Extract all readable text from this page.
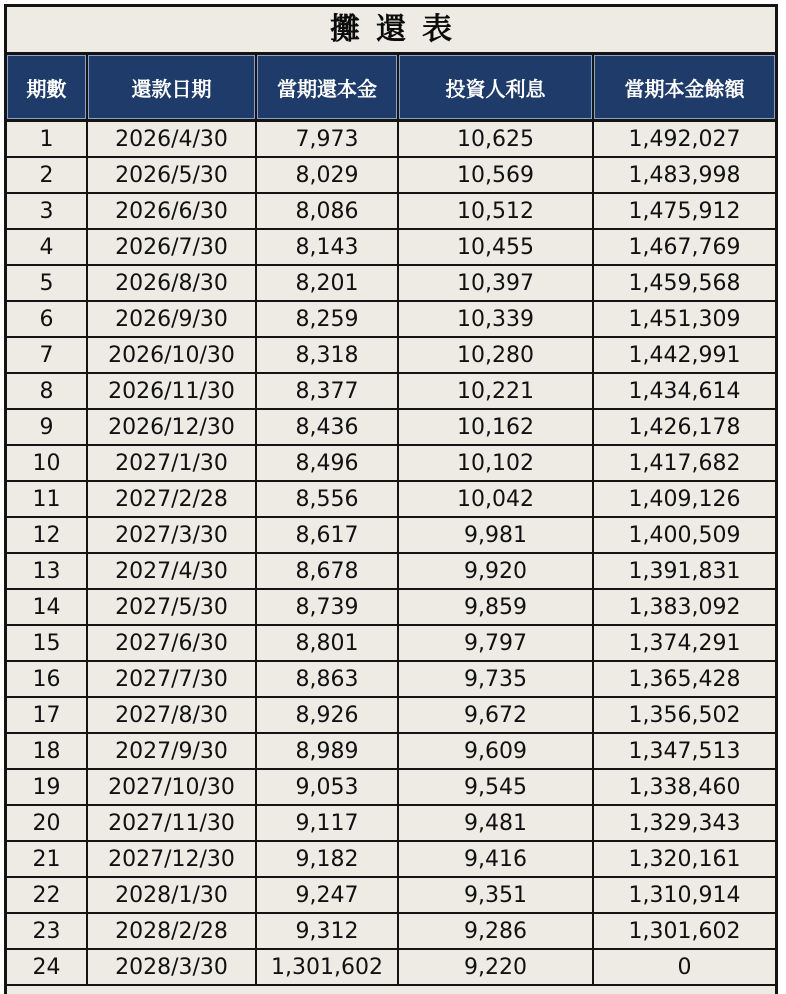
攤還表
期數	還款日期	當期還本金	投資人利息	當期本金餘額
1	2026/4/30	7,973	10,625	1,492,027
2	2026/5/30	8,029	10,569	1,483,998
3	2026/6/30	8,086	10,512	1,475,912
4	2026/7/30	8,143	10,455	1,467,769
5	2026/8/30	8,201	10,397	1,459,568
6	2026/9/30	8,259	10,339	1,451,309
7	2026/10/30	8,318	10,280	1,442,991
8	2026/11/30	8,377	10,221	1,434,614
9	2026/12/30	8,436	10,162	1,426,178
10	2027/1/30	8,496	10,102	1,417,682
11	2027/2/28	8,556	10,042	1,409,126
12	2027/3/30	8,617	9,981	1,400,509
13	2027/4/30	8,678	9,920	1,391,831
14	2027/5/30	8,739	9,859	1,383,092
15	2027/6/30	8,801	9,797	1,374,291
16	2027/7/30	8,863	9,735	1,365,428
17	2027/8/30	8,926	9,672	1,356,502
18	2027/9/30	8,989	9,609	1,347,513
19	2027/10/30	9,053	9,545	1,338,460
20	2027/11/30	9,117	9,481	1,329,343
21	2027/12/30	9,182	9,416	1,320,161
22	2028/1/30	9,247	9,351	1,310,914
23	2028/2/28	9,312	9,286	1,301,602
24	2028/3/30	1,301,602	9,220	0
